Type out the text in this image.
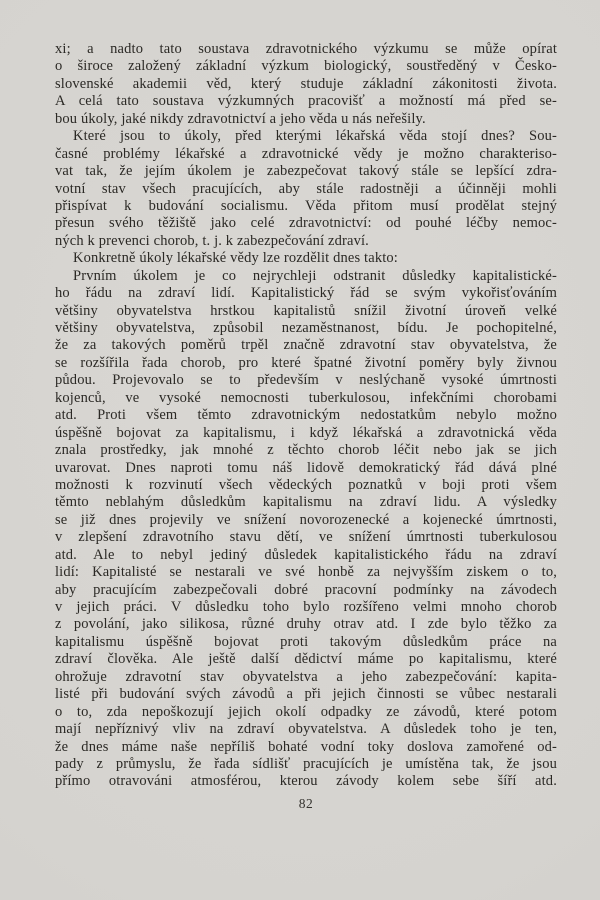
xi; a nadto tato soustava zdravotnického výzkumu se může opírat
o široce založený základní výzkum biologický, soustředěný v Česko-
slovenské akademii věd, který studuje základní zákonitosti života.
A celá tato soustava výzkumných pracovišť a možností má před se-
bou úkoly, jaké nikdy zdravotnictví a jeho věda u nás neřešily.
Které jsou to úkoly, před kterými lékařská věda stojí dnes? Sou-
časné problémy lékařské a zdravotnické vědy je možno charakteriso-
vat tak, že jejím úkolem je zabezpečovat takový stále se lepšící zdra-
votní stav všech pracujících, aby stále radostněji a účinněji mohli
přispívat k budování socialismu. Věda přitom musí prodělat stejný
přesun svého těžiště jako celé zdravotnictví: od pouhé léčby nemoc-
ných k prevenci chorob, t. j. k zabezpečování zdraví.
Konkretně úkoly lékařské vědy lze rozdělit dnes takto:
Prvním úkolem je co nejrychleji odstranit důsledky kapitalistické-
ho řádu na zdraví lidí. Kapitalistický řád se svým vykořisťováním
většiny obyvatelstva hrstkou kapitalistů snížil životní úroveň velké
většiny obyvatelstva, způsobil nezaměstnanost, bídu. Je pochopitelné,
že za takových poměrů trpěl značně zdravotní stav obyvatelstva, že
se rozšířila řada chorob, pro které špatné životní poměry byly živnou
půdou. Projevovalo se to především v neslýchaně vysoké úmrtnosti
kojenců, ve vysoké nemocnosti tuberkulosou, infekčními chorobami
atd. Proti všem těmto zdravotnickým nedostatkům nebylo možno
úspěšně bojovat za kapitalismu, i když lékařská a zdravotnická věda
znala prostředky, jak mnohé z těchto chorob léčit nebo jak se jich
uvarovat. Dnes naproti tomu náš lidově demokratický řád dává plné
možnosti k rozvinutí všech vědeckých poznatků v boji proti všem
těmto neblahým důsledkům kapitalismu na zdraví lidu. A výsledky
se již dnes projevily ve snížení novorozenecké a kojenecké úmrtnosti,
v zlepšení zdravotního stavu dětí, ve snížení úmrtnosti tuberkulosou
atd. Ale to nebyl jediný důsledek kapitalistického řádu na zdraví
lidí: Kapitalisté se nestarali ve své honbě za nejvyšším ziskem o to,
aby pracujícím zabezpečovali dobré pracovní podmínky na závodech
v jejich práci. V důsledku toho bylo rozšířeno velmi mnoho chorob
z povolání, jako silikosa, různé druhy otrav atd. I zde bylo těžko za
kapitalismu úspěšně bojovat proti takovým důsledkům práce na
zdraví člověka. Ale ještě další dědictví máme po kapitalismu, které
ohrožuje zdravotní stav obyvatelstva a jeho zabezpečování: kapita-
listé při budování svých závodů a při jejich činnosti se vůbec nestarali
o to, zda nepoškozují jejich okolí odpadky ze závodů, které potom
mají nepříznivý vliv na zdraví obyvatelstva. A důsledek toho je ten,
že dnes máme naše nepříliš bohaté vodní toky doslova zamořené od-
pady z průmyslu, že řada sídlišť pracujících je umístěna tak, že jsou
přímo otravováni atmosférou, kterou závody kolem sebe šíří atd.
82
